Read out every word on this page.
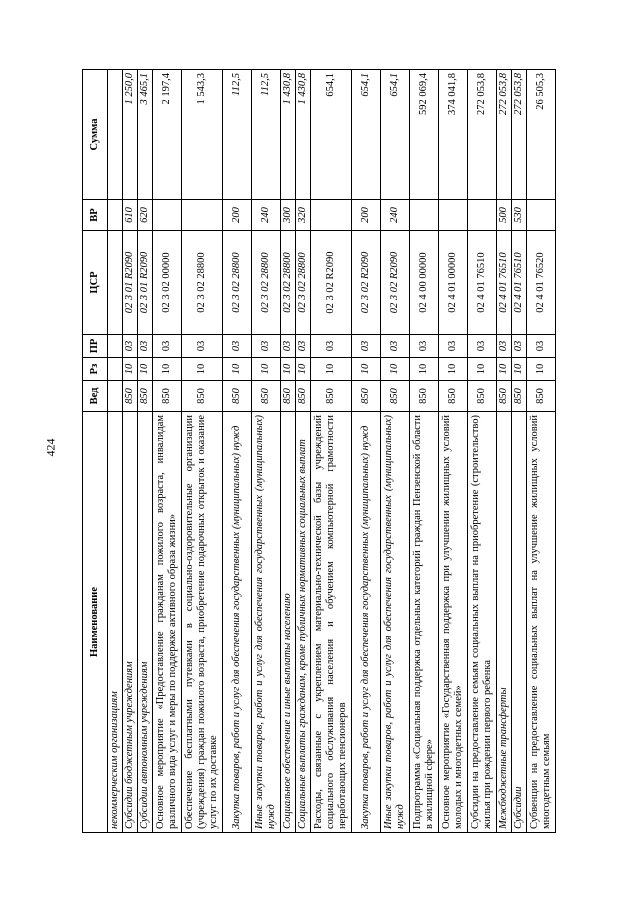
424
Наименование	Вед	Рз	ПР	ЦСР	ВР	Сумма
некоммерческим организациям						
Субсидии бюджетным учреждениям	850	10	03	02 3 01 R2090	610	1 250,0
Субсидии автономным учреждениям	850	10	03	02 3 01 R2090	620	3 465,1
Основное мероприятие «Предоставление гражданам пожилого возраста, инвалидам различного вида услуг и меры по поддержке активного образа жизни»	850	10	03	02 3 02 00000		2 197,4
Обеспечение бесплатными путевками в социально-оздоровительные организации (учреждения) граждан пожилого возраста, приобретение подарочных открыток и оказание услуг по их доставке	850	10	03	02 3 02 28800		1 543,3
Закупка товаров, работ и услуг для обеспечения государственных (муниципальных) нужд	850	10	03	02 3 02 28800	200	112,5
Иные закупки товаров, работ и услуг для обеспечения государственных (муниципальных) нужд	850	10	03	02 3 02 28800	240	112,5
Социальное обеспечение и иные выплаты населению	850	10	03	02 3 02 28800	300	1 430,8
Социальные выплаты гражданам, кроме публичных нормативных социальных выплат	850	10	03	02 3 02 28800	320	1 430,8
Расходы, связанные с укреплением материально-технической базы учреждений социального обслуживания населения и обучением компьютерной грамотности неработающих пенсионеров	850	10	03	02 3 02 R2090		654,1
Закупка товаров, работ и услуг для обеспечения государственных (муниципальных) нужд	850	10	03	02 3 02 R2090	200	654,1
Иные закупки товаров, работ и услуг для обеспечения государственных (муниципальных) нужд	850	10	03	02 3 02 R2090	240	654,1
Подпрограмма «Социальная поддержка отдельных категорий граждан Пензенской области в жилищной сфере»	850	10	03	02 4 00 00000		592 069,4
Основное мероприятие «Государственная поддержка при улучшении жилищных условий молодых и многодетных семей»	850	10	03	02 4 01 00000		374 041,8
Субсидии на предоставление семьям социальных выплат на приобретение (строительство) жилья при рождении первого ребенка	850	10	03	02 4 01 76510		272 053,8
Межбюджетные трансферты	850	10	03	02 4 01 76510	500	272 053,8
Субсидии	850	10	03	02 4 01 76510	530	272 053,8
Субвенции на предоставление социальных выплат на улучшение жилищных условий многодетным семьям	850	10	03	02 4 01 76520		26 505,3
